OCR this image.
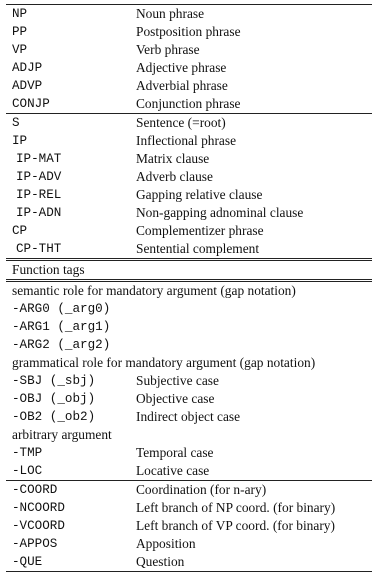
NP	Noun phrase
PP	Postposition phrase
VP	Verb phrase
ADJP	Adjective phrase
ADVP	Adverbial phrase
CONJP	Conjunction phrase
S	Sentence (=root)
IP	Inflectional phrase
IP-MAT	Matrix clause
IP-ADV	Adverb clause
IP-REL	Gapping relative clause
IP-ADN	Non-gapping adnominal clause
CP	Complementizer phrase
CP-THT	Sentential complement
Function tags
semantic role for mandatory argument (gap notation)
-ARG0 (_arg0)
-ARG1 (_arg1)
-ARG2 (_arg2)
grammatical role for mandatory argument (gap notation)
-SBJ (_sbj)	Subjective case
-OBJ (_obj)	Objective case
-OB2 (_ob2)	Indirect object case
arbitrary argument
-TMP	Temporal case
-LOC	Locative case
-COORD	Coordination (for n-ary)
-NCOORD	Left branch of NP coord. (for binary)
-VCOORD	Left branch of VP coord. (for binary)
-APPOS	Apposition
-QUE	Question
